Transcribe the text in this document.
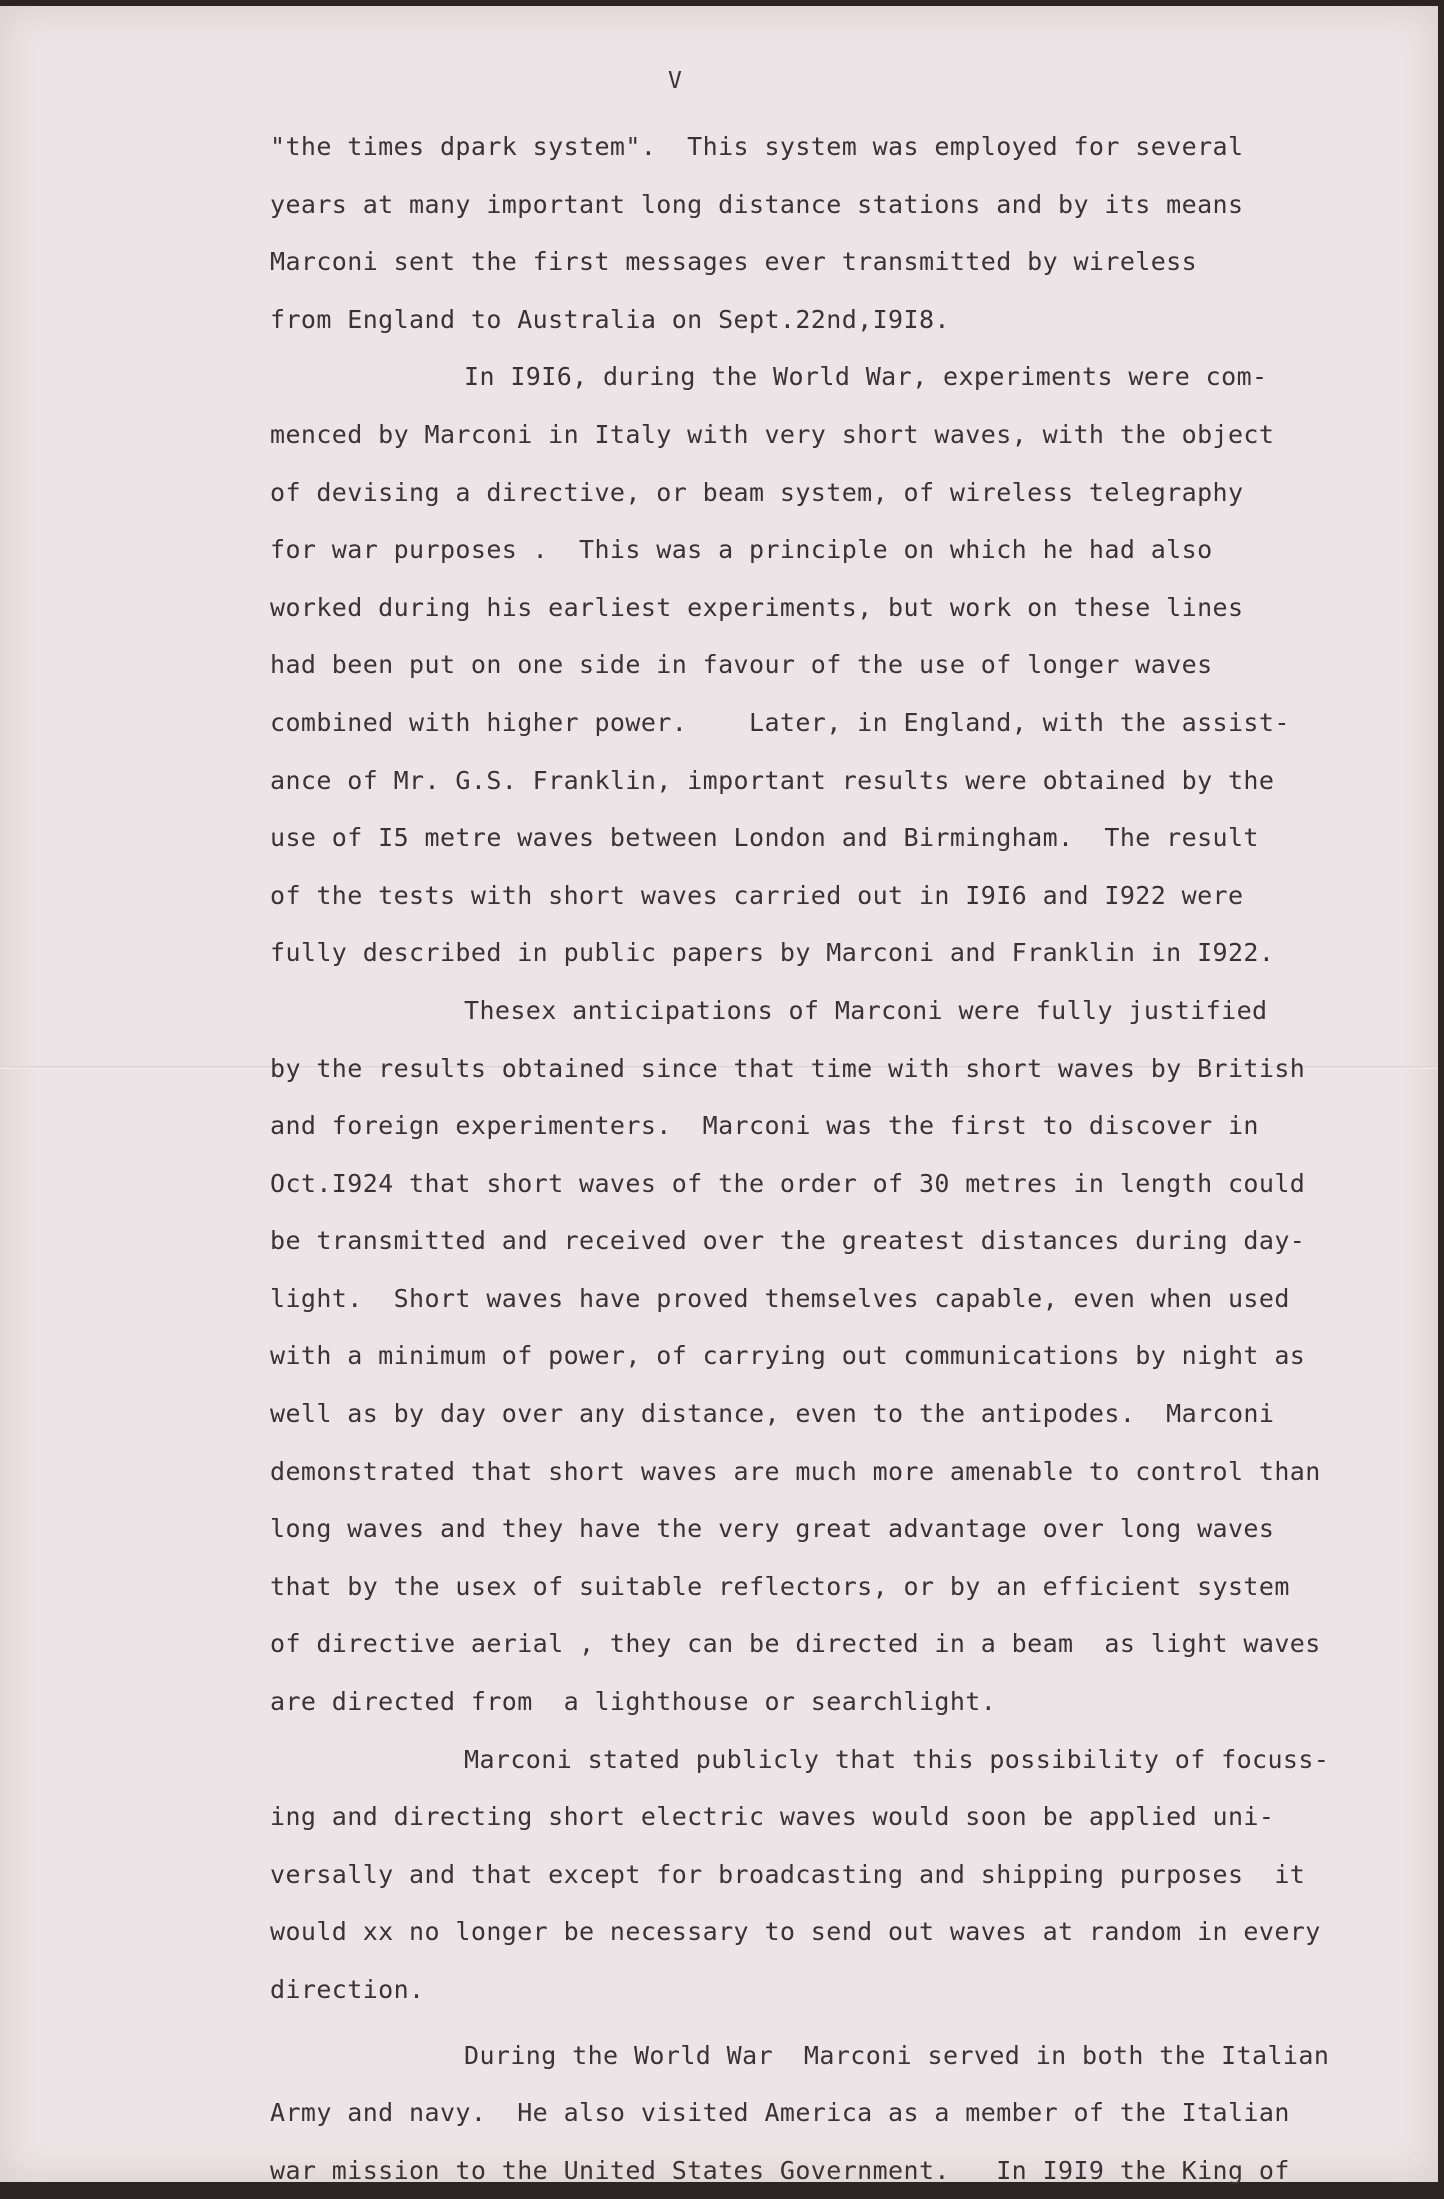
V
"the times dpark system".  This system was employed for several
years at many important long distance stations and by its means
Marconi sent the first messages ever transmitted by wireless
from England to Australia on Sept.22nd,I9I8.
In I9I6, during the World War, experiments were com-
menced by Marconi in Italy with very short waves, with the object
of devising a directive, or beam system, of wireless telegraphy
for war purposes .  This was a principle on which he had also
worked during his earliest experiments, but work on these lines
had been put on one side in favour of the use of longer waves
combined with higher power.    Later, in England, with the assist-
ance of Mr. G.S. Franklin, important results were obtained by the
use of I5 metre waves between London and Birmingham.  The result
of the tests with short waves carried out in I9I6 and I922 were
fully described in public papers by Marconi and Franklin in I922.
Thesex anticipations of Marconi were fully justified
by the results obtained since that time with short waves by British
and foreign experimenters.  Marconi was the first to discover in
Oct.I924 that short waves of the order of 30 metres in length could
be transmitted and received over the greatest distances during day-
light.  Short waves have proved themselves capable, even when used
with a minimum of power, of carrying out communications by night as
well as by day over any distance, even to the antipodes.  Marconi
demonstrated that short waves are much more amenable to control than
long waves and they have the very great advantage over long waves
that by the usex of suitable reflectors, or by an efficient system
of directive aerial , they can be directed in a beam  as light waves
are directed from  a lighthouse or searchlight.
Marconi stated publicly that this possibility of focuss-
ing and directing short electric waves would soon be applied uni-
versally and that except for broadcasting and shipping purposes  it
would xx no longer be necessary to send out waves at random in every
direction.
During the World War  Marconi served in both the Italian
Army and navy.  He also visited America as a member of the Italian
war mission to the United States Government.   In I9I9 the King of
